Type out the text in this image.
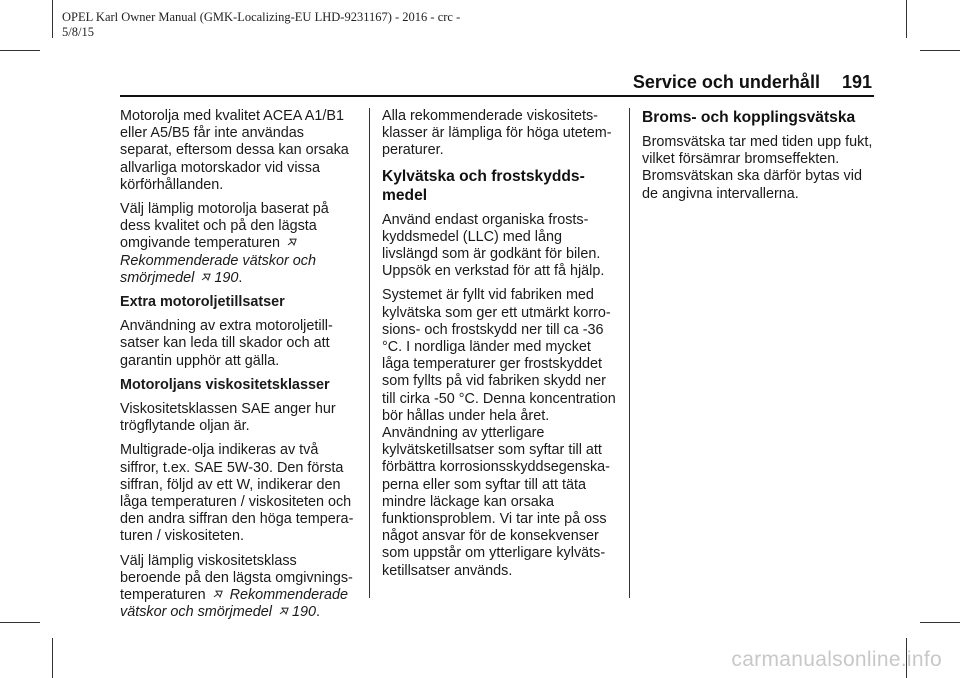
OPEL Karl Owner Manual (GMK-Localizing-EU LHD-9231167) - 2016 - crc -
5/8/15
Service och underhåll 191

Motorolja med kvalitet ACEA A1/B1 eller A5/B5 får inte användas separat, eftersom dessa kan orsaka allvarliga motorskador vid vissa körförhållanden.

Välj lämplig motorolja baserat på dess kvalitet och på den lägsta omgivande temperaturen

Rekommenderade vätskor och smörjmedel 190.

Extra motoroljetillsatser

Användning av extra motoroljetillsatser kan leda till skador och att garantin upphör att gälla.

Motoroljans viskositetsklasser

Viskositetsklassen SAE anger hur trögflytande oljan är.

Multigrade-olja indikeras av två siffror, t.ex. SAE 5W-30. Den första siffran, följd av ett W, indikerar den låga temperaturen / viskositeten och den andra siffran den höga temperaturen / viskositeten.

Välj lämplig viskositetsklass beroende på den lägsta omgivningstemperaturen Rekommenderade vätskor och smörjmedel 190.

Alla rekommenderade viskositetsklasser är lämpliga för höga utetemperaturer.

Kylvätska och frostskyddsmedel

Använd endast organiska frostskyddsmedel (LLC) med lång livslängd som är godkänt för bilen. Uppsök en verkstad för att få hjälp.

Systemet är fyllt vid fabriken med kylvätska som ger ett utmärkt korrosions- och frostskydd ner till ca -36 °C. I nordliga länder med mycket låga temperaturer ger frostskyddet som fyllts på vid fabriken skydd ner till cirka -50 °C. Denna koncentration bör hållas under hela året. Användning av ytterligare kylvätsketillsatser som syftar till att förbättra korrosionsskyddsegenskaperna eller som syftar till att täta mindre läckage kan orsaka funktionsproblem. Vi tar inte på oss något ansvar för de konsekvenser som uppstår om ytterligare kylvätsketillsatser används.

Broms- och kopplingsvätska

Bromsvätska tar med tiden upp fukt, vilket försämrar bromseffekten. Bromsvätskan ska därför bytas vid de angivna intervallerna.

carmanualsonline.info
